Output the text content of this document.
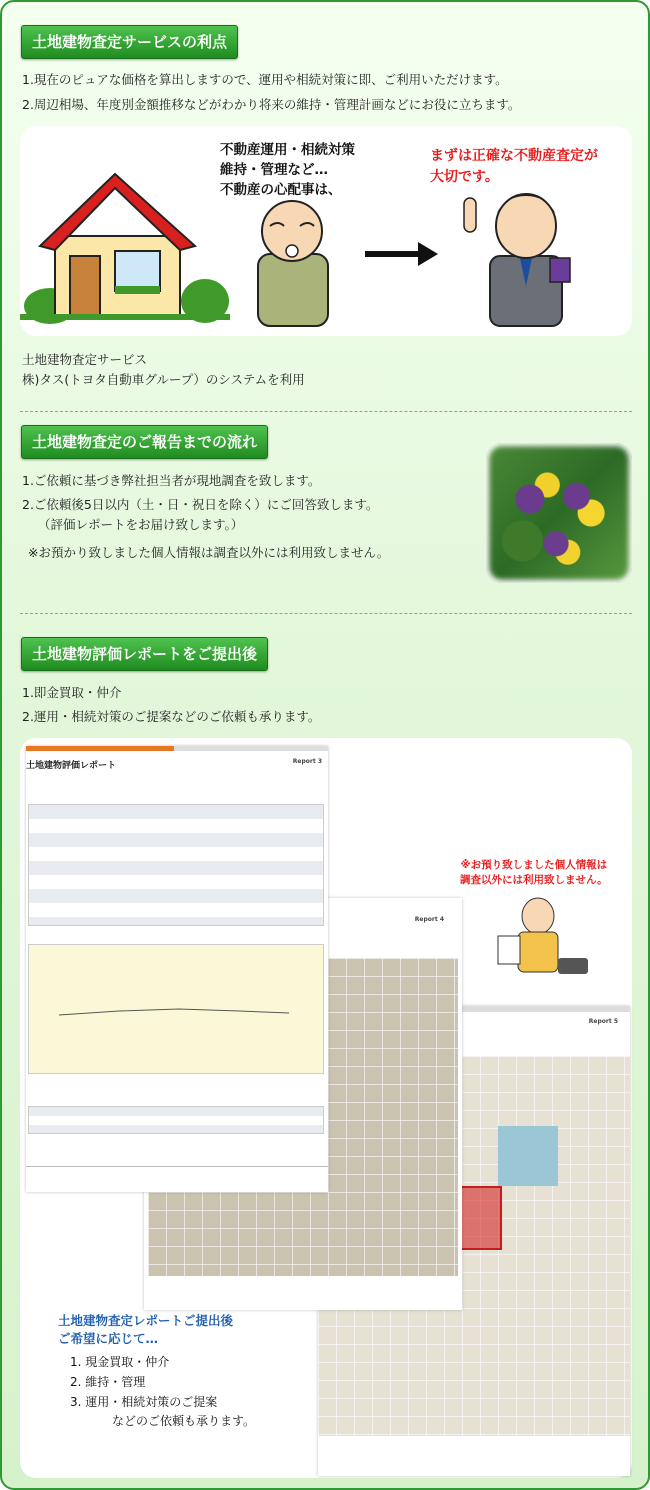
土地建物査定サービスの利点
1.現在のピュアな価格を算出しますので、運用や相続対策に即、ご利用いただけます。
2.周辺相場、年度別金額推移などがわかり将来の維持・管理計画などにお役に立ちます。
不動産運用・相続対策
維持・管理など…
不動産の心配事は、
まずは正確な不動産査定が
大切です。
土地建物査定サービス
株)タス(トヨタ自動車グループ）のシステムを利用
土地建物査定のご報告までの流れ
1.ご依頼に基づき弊社担当者が現地調査を致します。
2.ご依頼後5日以内（土・日・祝日を除く）にご回答致します。
（評価レポートをお届け致します。）
※お預かり致しました個人情報は調査以外には利用致しません。
土地建物評価レポートをご提出後
1.即金買取・仲介
2.運用・相続対策のご提案などのご依頼も承ります。
Report 5
Report 4
土地建物評価レポート	Report 3
※お預り致しました個人情報は
調査以外には利用致しません。
土地建物査定レポートご提出後
ご希望に応じて…
1. 現金買取・仲介
2. 維持・管理
3. 運用・相続対策のご提案
などのご依頼も承ります。
